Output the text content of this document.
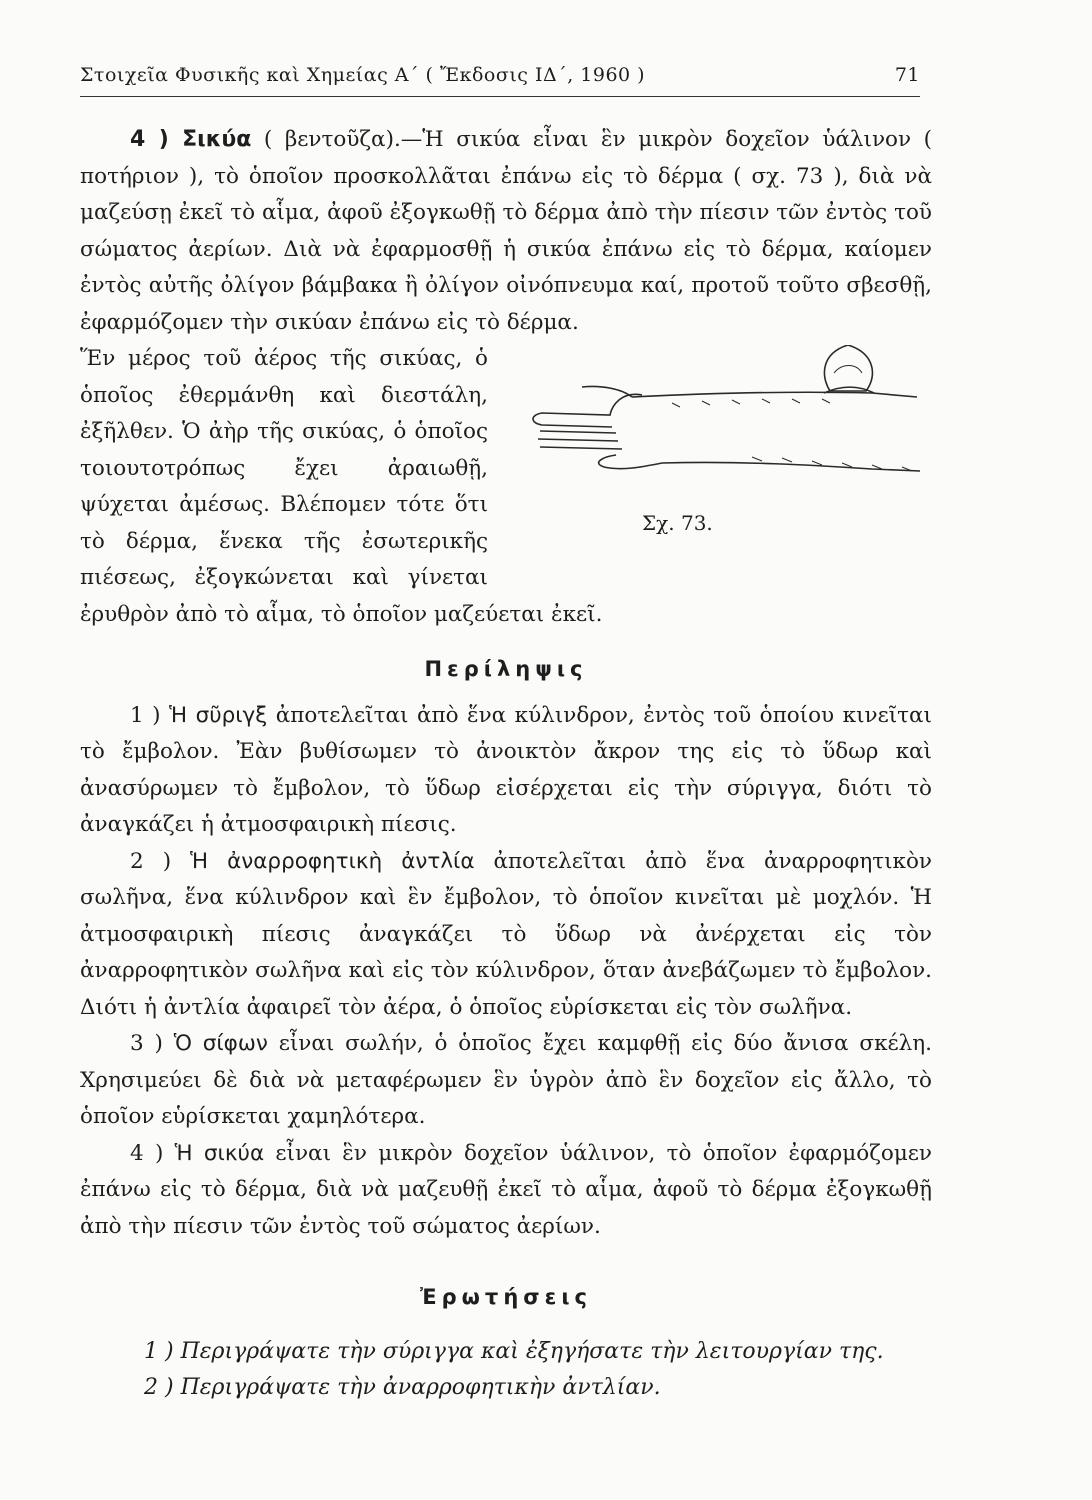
Στοιχεῖα Φυσικῆς καὶ Χημείας Α΄ ( Ἔκδοσις ΙΔ΄, 1960 )	71

4 ) Σικύα ( βεντοῦζα).—Ἡ σικύα εἶναι ἓν μικρὸν δοχεῖον ὑάλινον ( ποτήριον ), τὸ ὁποῖον προσκολλᾶται ἐπάνω εἰς τὸ δέρμα ( σχ. 73 ), διὰ νὰ μαζεύσῃ ἐκεῖ τὸ αἷμα, ἀφοῦ ἐξογκωθῇ τὸ δέρμα ἀπὸ τὴν πίεσιν τῶν ἐντὸς τοῦ σώματος ἀερίων. Διὰ νὰ ἐφαρμοσθῇ ἡ σικύα ἐπάνω εἰς τὸ δέρμα, καίομεν ἐντὸς αὐτῆς ὀλίγον βάμβακα ἢ ὀλίγον οἰνόπνευμα καί, προτοῦ τοῦτο σβεσθῇ, ἐφαρμόζομεν τὴν σικύαν ἐπάνω εἰς τὸ δέρμα.

Σχ. 73.

Ἕν μέρος τοῦ ἀέρος τῆς σικύας, ὁ ὁποῖος ἐθερμάνθη καὶ διεστάλη, ἐξῆλθεν. Ὁ ἀὴρ τῆς σικύας, ὁ ὁποῖος τοιουτοτρόπως ἔχει ἀραιωθῇ, ψύχεται ἀμέσως. Βλέπομεν τότε ὅτι τὸ δέρμα, ἕνεκα τῆς ἐσωτερικῆς πιέσεως, ἐξογκώνεται καὶ γίνεται ἐρυθρὸν ἀπὸ τὸ αἷμα, τὸ ὁποῖον μαζεύεται ἐκεῖ.

Περίληψις

1 ) Ἡ σῦριγξ ἀποτελεῖται ἀπὸ ἕνα κύλινδρον, ἐντὸς τοῦ ὁποίου κινεῖται τὸ ἔμβολον. Ἐὰν βυθίσωμεν τὸ ἀνοικτὸν ἄκρον της εἰς τὸ ὕδωρ καὶ ἀνασύρωμεν τὸ ἔμβολον, τὸ ὕδωρ εἰσέρχεται εἰς τὴν σύριγγα, διότι τὸ ἀναγκάζει ἡ ἀτμοσφαιρικὴ πίεσις.

2 ) Ἡ ἀναρροφητικὴ ἀντλία ἀποτελεῖται ἀπὸ ἕνα ἀναρροφητικὸν σωλῆνα, ἕνα κύλινδρον καὶ ἓν ἔμβολον, τὸ ὁποῖον κινεῖται μὲ μοχλόν. Ἡ ἀτμοσφαιρικὴ πίεσις ἀναγκάζει τὸ ὕδωρ νὰ ἀνέρχεται εἰς τὸν ἀναρροφητικὸν σωλῆνα καὶ εἰς τὸν κύλινδρον, ὅταν ἀνεβάζωμεν τὸ ἔμβολον. Διότι ἡ ἀντλία ἀφαιρεῖ τὸν ἀέρα, ὁ ὁποῖος εὑρίσκεται εἰς τὸν σωλῆνα.

3 ) Ὁ σίφων εἶναι σωλήν, ὁ ὁποῖος ἔχει καμφθῇ εἰς δύο ἄνισα σκέλη. Χρησιμεύει δὲ διὰ νὰ μεταφέρωμεν ἓν ὑγρὸν ἀπὸ ἓν δοχεῖον εἰς ἄλλο, τὸ ὁποῖον εὑρίσκεται χαμηλότερα.

4 ) Ἡ σικύα εἶναι ἓν μικρὸν δοχεῖον ὑάλινον, τὸ ὁποῖον ἐφαρμόζομεν ἐπάνω εἰς τὸ δέρμα, διὰ νὰ μαζευθῇ ἐκεῖ τὸ αἷμα, ἀφοῦ τὸ δέρμα ἐξογκωθῇ ἀπὸ τὴν πίεσιν τῶν ἐντὸς τοῦ σώματος ἀερίων.

Ἐρωτήσεις

1 ) Περιγράψατε τὴν σύριγγα καὶ ἐξηγήσατε τὴν λειτουργίαν της.

2 ) Περιγράψατε τὴν ἀναρροφητικὴν ἀντλίαν.
